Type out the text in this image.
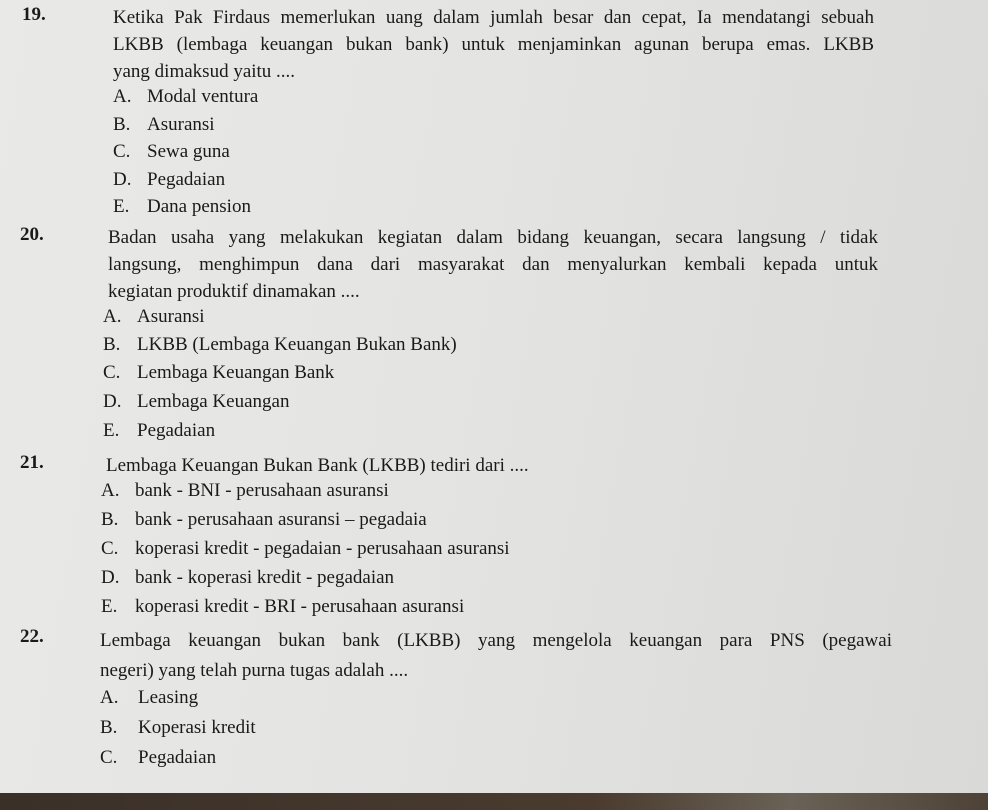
19.	Ketika Pak Firdaus memerlukan uang dalam jumlah besar dan cepat, Ia mendatangi sebuah
LKBB (lembaga keuangan bukan bank) untuk menjaminkan agunan berupa emas. LKBB
yang dimaksud yaitu ....
A. Modal ventura
B. Asuransi
C. Sewa guna
D. Pegadaian
E. Dana pension
20.	Badan usaha yang melakukan kegiatan dalam bidang keuangan, secara langsung / tidak
langsung, menghimpun dana dari masyarakat dan menyalurkan kembali kepada untuk
kegiatan produktif dinamakan ....
A. Asuransi
B. LKBB (Lembaga Keuangan Bukan Bank)
C. Lembaga Keuangan Bank
D. Lembaga Keuangan
E. Pegadaian
21.	Lembaga Keuangan Bukan Bank (LKBB) tediri dari ....
A. bank - BNI - perusahaan asuransi
B. bank - perusahaan asuransi – pegadaia
C. koperasi kredit - pegadaian - perusahaan asuransi
D. bank - koperasi kredit - pegadaian
E. koperasi kredit - BRI - perusahaan asuransi
22.	Lembaga keuangan bukan bank (LKBB) yang mengelola keuangan para PNS (pegawai
negeri) yang telah purna tugas adalah ....
A.	Leasing
B.	Koperasi kredit
C.	Pegadaian
